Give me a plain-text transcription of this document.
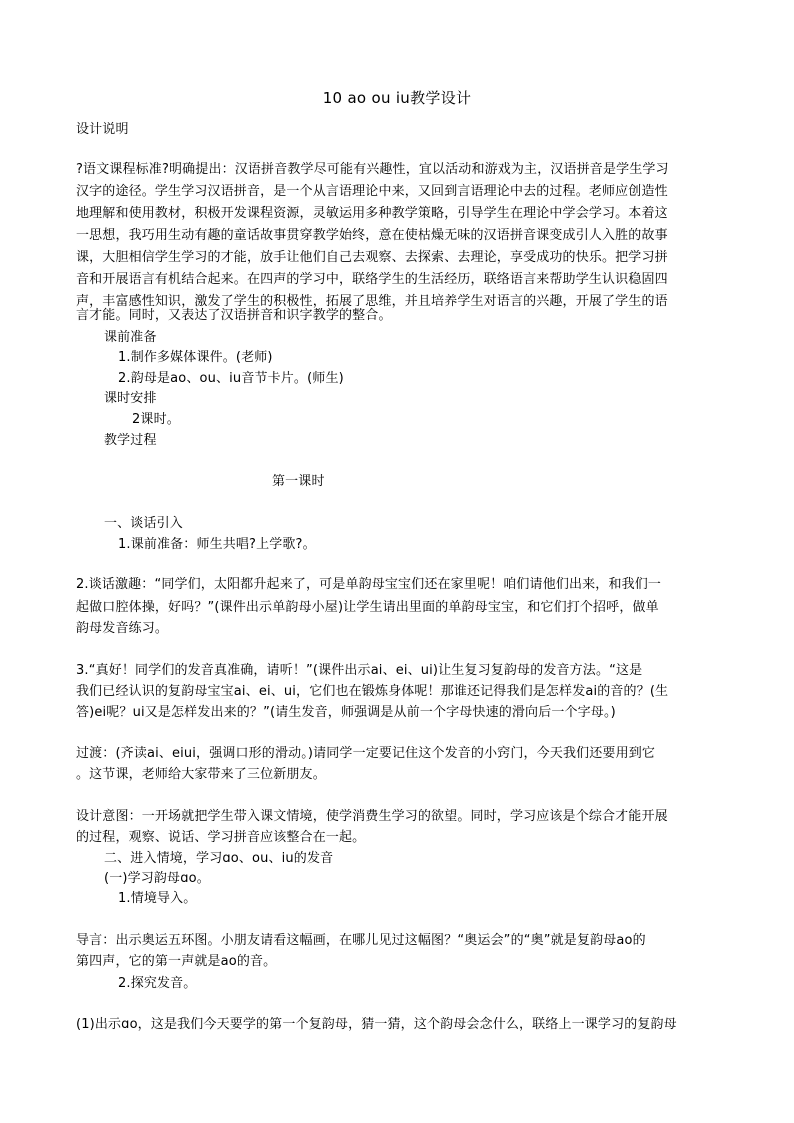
10 ao ou iu教学设计
设计说明
?语文课程标准?明确提出：汉语拼音教学尽可能有兴趣性，宜以活动和游戏为主，汉语拼音是学生学习
汉字的途径。学生学习汉语拼音，是一个从言语理论中来，又回到言语理论中去的过程。老师应创造性
地理解和使用教材，积极开发课程资源，灵敏运用多种教学策略，引导学生在理论中学会学习。本着这
一思想，我巧用生动有趣的童话故事贯穿教学始终，意在使枯燥无味的汉语拼音课变成引人入胜的故事
课，大胆相信学生学习的才能，放手让他们自己去观察、去探索、去理论，享受成功的快乐。把学习拼
音和开展语言有机结合起来。在四声的学习中，联络学生的生活经历，联络语言来帮助学生认识稳固四
声，丰富感性知识，激发了学生的积极性，拓展了思维，并且培养学生对语言的兴趣，开展了学生的语
言才能。同时，又表达了汉语拼音和识字教学的整合。
课前准备
1.制作多媒体课件。(老师)
2.韵母是ao、ou、iu音节卡片。(师生)
课时安排
2课时。
教学过程
第一课时
一、谈话引入
1.课前准备：师生共唱?上学歌?。
2.谈话激趣：“同学们，太阳都升起来了，可是单韵母宝宝们还在家里呢！咱们请他们出来，和我们一
起做口腔体操，好吗？”(课件出示单韵母小屋)让学生请出里面的单韵母宝宝，和它们打个招呼，做单
韵母发音练习。
3.“真好！同学们的发音真准确，请听！”(课件出示ai、ei、ui)让生复习复韵母的发音方法。“这是
我们已经认识的复韵母宝宝ai、ei、ui，它们也在锻炼身体呢！那谁还记得我们是怎样发ai的音的？(生
答)ei呢？ui又是怎样发出来的？”(请生发音，师强调是从前一个字母快速的滑向后一个字母。)
过渡：(齐读ai、eiui，强调口形的滑动。)请同学一定要记住这个发音的小窍门，今天我们还要用到它
。这节课，老师给大家带来了三位新朋友。
设计意图：一开场就把学生带入课文情境，使学消费生学习的欲望。同时，学习应该是个综合才能开展
的过程，观察、说话、学习拼音应该整合在一起。
二、进入情境，学习ɑo、ou、iu的发音
(一)学习韵母ɑo。
1.情境导入。
导言：出示奥运五环图。小朋友请看这幅画，在哪儿见过这幅图？“奥运会”的“奥”就是复韵母ao的
第四声，它的第一声就是ao的音。
2.探究发音。
(1)出示ɑo，这是我们今天要学的第一个复韵母，猜一猜，这个韵母会念什么，联络上一课学习的复韵母
